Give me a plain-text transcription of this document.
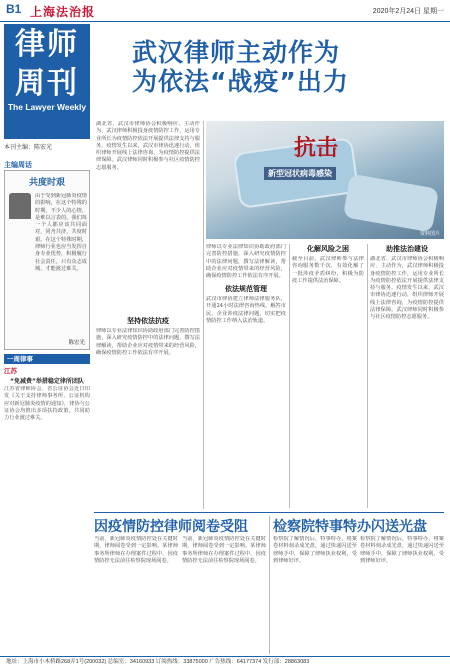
B1 上海法治报	2020年2月24日 星期一
律师
周刊
The Lawyer Weekly
本刊主编：陈宏光
主编周话
共度时艰
由于受到新冠肺炎疫情的影响，在这个特殊的时期，不少人的心情，是难以言表的。我们每一个人都应该共同面对，同舟共济，共度时艰。在这个特殊时期，律师行业也应当发挥自身专业优势，积极履行社会责任。只有众志成城，才能渡过难关。
陈宏光
一周律事
江苏
“免减费”举措稳定律所团队
江苏省律师协会、省公证协会近日印发《关于支持律师事务所、公证机构应对新冠肺炎疫情的通知》，律协与公证协会均推出多项扶持政策，共同助力行业渡过难关。
武汉律师主动作为
为依法“战疫”出力
抗击
新型冠状病毒感染
资料图片
湖北省、武汉市律师协会积极响应、主动作为，武汉律师积极投身疫情防控工作，运用专业所长为疫情防控依法开展提供法律支持与服务。疫情发生以来，武汉市律协迅速行动，组织律师开展线上法律咨询，为疫情防控提供法律保障。武汉律师同时积极参与社区疫情防控志愿服务。
坚持依法抗疫
律师以专业法律知识协助政府部门完善防控措施，深入研究疫情防控中的法律问题，撰写法律解读，帮助企业应对疫情带来的经营风险，确保疫情防控工作依法有序开展。
律师以专业法律知识协助政府部门完善防控措施，深入研究疫情防控中的法律问题，撰写法律解读，帮助企业应对疫情带来的经营风险，确保疫情防控工作依法有序开展。
依法规范管理
武汉市律协建立律师法律服务队，开通24小时法律咨询热线，解答市民、企业涉疫法律问题，切实把疫情防控工作纳入法治轨道。
化解风险之困
截至目前，武汉律师参与法律咨询服务数千次，有效化解了一批涉疫矛盾纠纷，积极为防疫工作提供法治保障。
助推法治建设
湖北省、武汉市律师协会积极响应、主动作为，武汉律师积极投身疫情防控工作，运用专业所长为疫情防控依法开展提供法律支持与服务。疫情发生以来，武汉市律协迅速行动，组织律师开展线上法律咨询，为疫情防控提供法律保障。武汉律师同时积极参与社区疫情防控志愿服务。
因疫情防控律师阅卷受阻 检察院特事特办闪送光盘
当前，新冠肺炎疫情防控处在关键时期，律师阅卷受到一定影响。某律师事务所律师在办理案件过程中，因疫情防控无法前往检察院现场阅卷。
当前，新冠肺炎疫情防控处在关键时期，律师阅卷受到一定影响。某律师事务所律师在办理案件过程中，因疫情防控无法前往检察院现场阅卷。
检察院了解情况后，特事特办，将案卷材料刻录成光盘，通过快递闪送至律师手中，保障了律师执业权利，受到律师好评。
检察院了解情况后，特事特办，将案卷材料刻录成光盘，通过快递闪送至律师手中，保障了律师执业权利，受到律师好评。
地址：上海市小木桥路268弄1号(200032) 总编室：34160933 订阅热线：33875000 广告热线：64177374 发行部：28863083
